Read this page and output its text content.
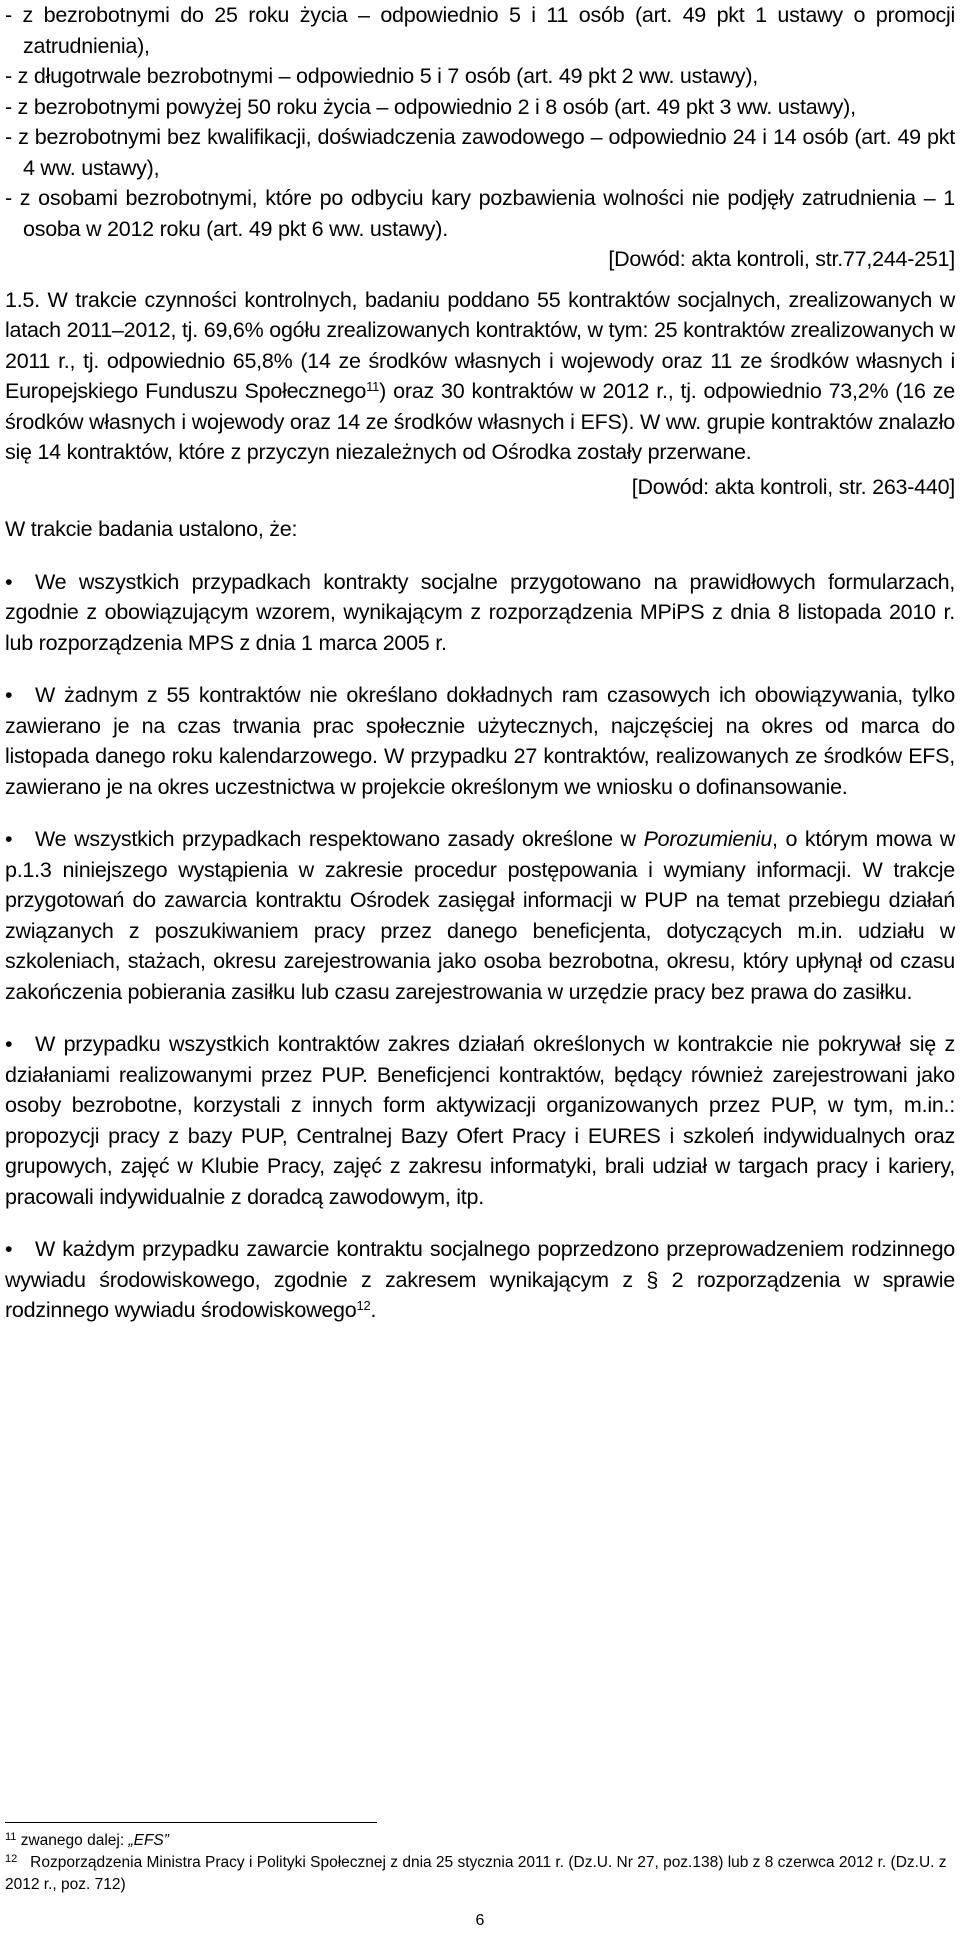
- z bezrobotnymi do 25 roku życia – odpowiednio 5 i 11 osób (art. 49 pkt 1 ustawy o promocji zatrudnienia),

- z długotrwale bezrobotnymi – odpowiednio 5 i 7 osób (art. 49 pkt 2 ww. ustawy),

- z bezrobotnymi powyżej 50 roku życia – odpowiednio 2 i 8 osób (art. 49 pkt 3 ww. ustawy),

- z bezrobotnymi bez kwalifikacji, doświadczenia zawodowego – odpowiednio 24 i 14 osób (art. 49 pkt 4 ww. ustawy),

- z osobami bezrobotnymi, które po odbyciu kary pozbawienia wolności nie podjęły zatrudnienia – 1 osoba w 2012 roku (art. 49 pkt 6 ww. ustawy).

[Dowód: akta kontroli, str.77,244-251]

1.5. W trakcie czynności kontrolnych, badaniu poddano 55 kontraktów socjalnych, zrealizowanych w latach 2011–2012, tj. 69,6% ogółu zrealizowanych kontraktów, w tym: 25 kontraktów zrealizowanych w 2011 r., tj. odpowiednio 65,8% (14 ze środków własnych i wojewody oraz 11 ze środków własnych i Europejskiego Funduszu Społecznego$^{11}$) oraz 30 kontraktów w 2012 r., tj. odpowiednio 73,2% (16 ze środków własnych i wojewody oraz 14 ze środków własnych i EFS). W ww. grupie kontraktów znalazło się 14 kontraktów, które z przyczyn niezależnych od Ośrodka zostały przerwane.

[Dowód: akta kontroli, str. 263-440]

W trakcie badania ustalono, że:

• We wszystkich przypadkach kontrakty socjalne przygotowano na prawidłowych formularzach, zgodnie z obowiązującym wzorem, wynikającym z rozporządzenia MPiPS z dnia 8 listopada 2010 r. lub rozporządzenia MPS z dnia 1 marca 2005 r.

• W żadnym z 55 kontraktów nie określano dokładnych ram czasowych ich obowiązywania, tylko zawierano je na czas trwania prac społecznie użytecznych, najczęściej na okres od marca do listopada danego roku kalendarzowego. W przypadku 27 kontraktów, realizowanych ze środków EFS, zawierano je na okres uczestnictwa w projekcie określonym we wniosku o dofinansowanie.

• We wszystkich przypadkach respektowano zasady określone w Porozumieniu, o którym mowa w p.1.3 niniejszego wystąpienia w zakresie procedur postępowania i wymiany informacji. W trakcje przygotowań do zawarcia kontraktu Ośrodek zasięgał informacji w PUP na temat przebiegu działań związanych z poszukiwaniem pracy przez danego beneficjenta, dotyczących m.in. udziału w szkoleniach, stażach, okresu zarejestrowania jako osoba bezrobotna, okresu, który upłynął od czasu zakończenia pobierania zasiłku lub czasu zarejestrowania w urzędzie pracy bez prawa do zasiłku.

• W przypadku wszystkich kontraktów zakres działań określonych w kontrakcie nie pokrywał się z działaniami realizowanymi przez PUP. Beneficjenci kontraktów, będący również zarejestrowani jako osoby bezrobotne, korzystali z innych form aktywizacji organizowanych przez PUP, w tym, m.in.: propozycji pracy z bazy PUP, Centralnej Bazy Ofert Pracy i EURES i szkoleń indywidualnych oraz grupowych, zajęć w Klubie Pracy, zajęć z zakresu informatyki, brali udział w targach pracy i kariery, pracowali indywidualnie z doradcą zawodowym, itp.

• W każdym przypadku zawarcie kontraktu socjalnego poprzedzono przeprowadzeniem rodzinnego wywiadu środowiskowego, zgodnie z zakresem wynikającym z § 2 rozporządzenia w sprawie rodzinnego wywiadu środowiskowego$^{12}$.

$^{11}$ zwanego dalej: „EFS”
$^{12}$ Rozporządzenia Ministra Pracy i Polityki Społecznej z dnia 25 stycznia 2011 r. (Dz.U. Nr 27, poz.138) lub z 8 czerwca 2012 r. (Dz.U. z 2012 r., poz. 712)
6
